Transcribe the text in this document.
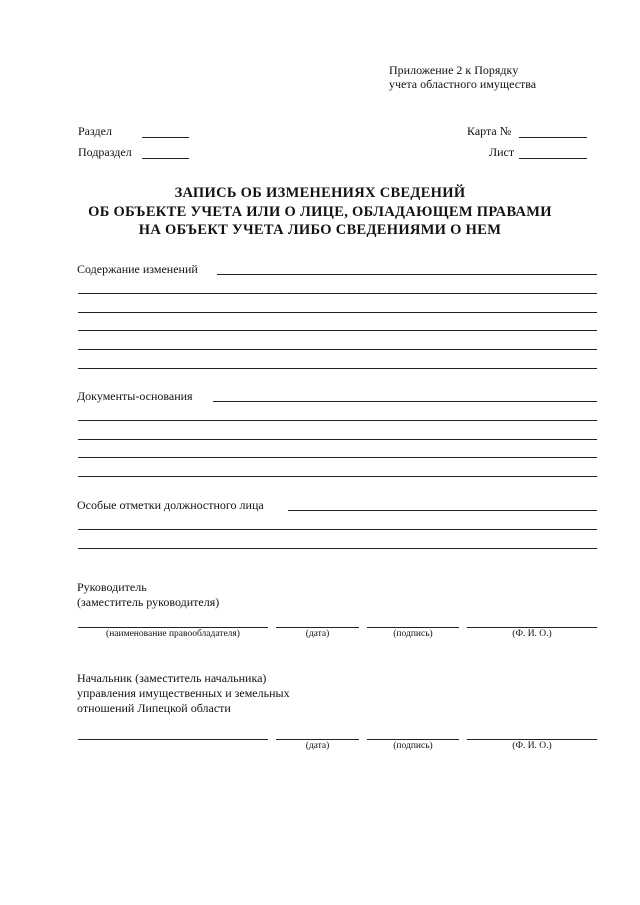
Приложение 2 к Порядку
учета областного имущества
Раздел
Подраздел
Карта №
Лист
ЗАПИСЬ ОБ ИЗМЕНЕНИЯХ СВЕДЕНИЙ
ОБ ОБЪЕКТЕ УЧЕТА ИЛИ О ЛИЦЕ, ОБЛАДАЮЩЕМ ПРАВАМИ
НА ОБЪЕКТ УЧЕТА ЛИБО СВЕДЕНИЯМИ О НЕМ
Содержание изменений
Документы-основания
Особые отметки должностного лица
Руководитель
(заместитель руководителя)
(наименование правообладателя)	(дата)	(подпись)	(Ф. И. О.)
Начальник (заместитель начальника)
управления имущественных и земельных
отношений Липецкой области
(дата)	(подпись)	(Ф. И. О.)
